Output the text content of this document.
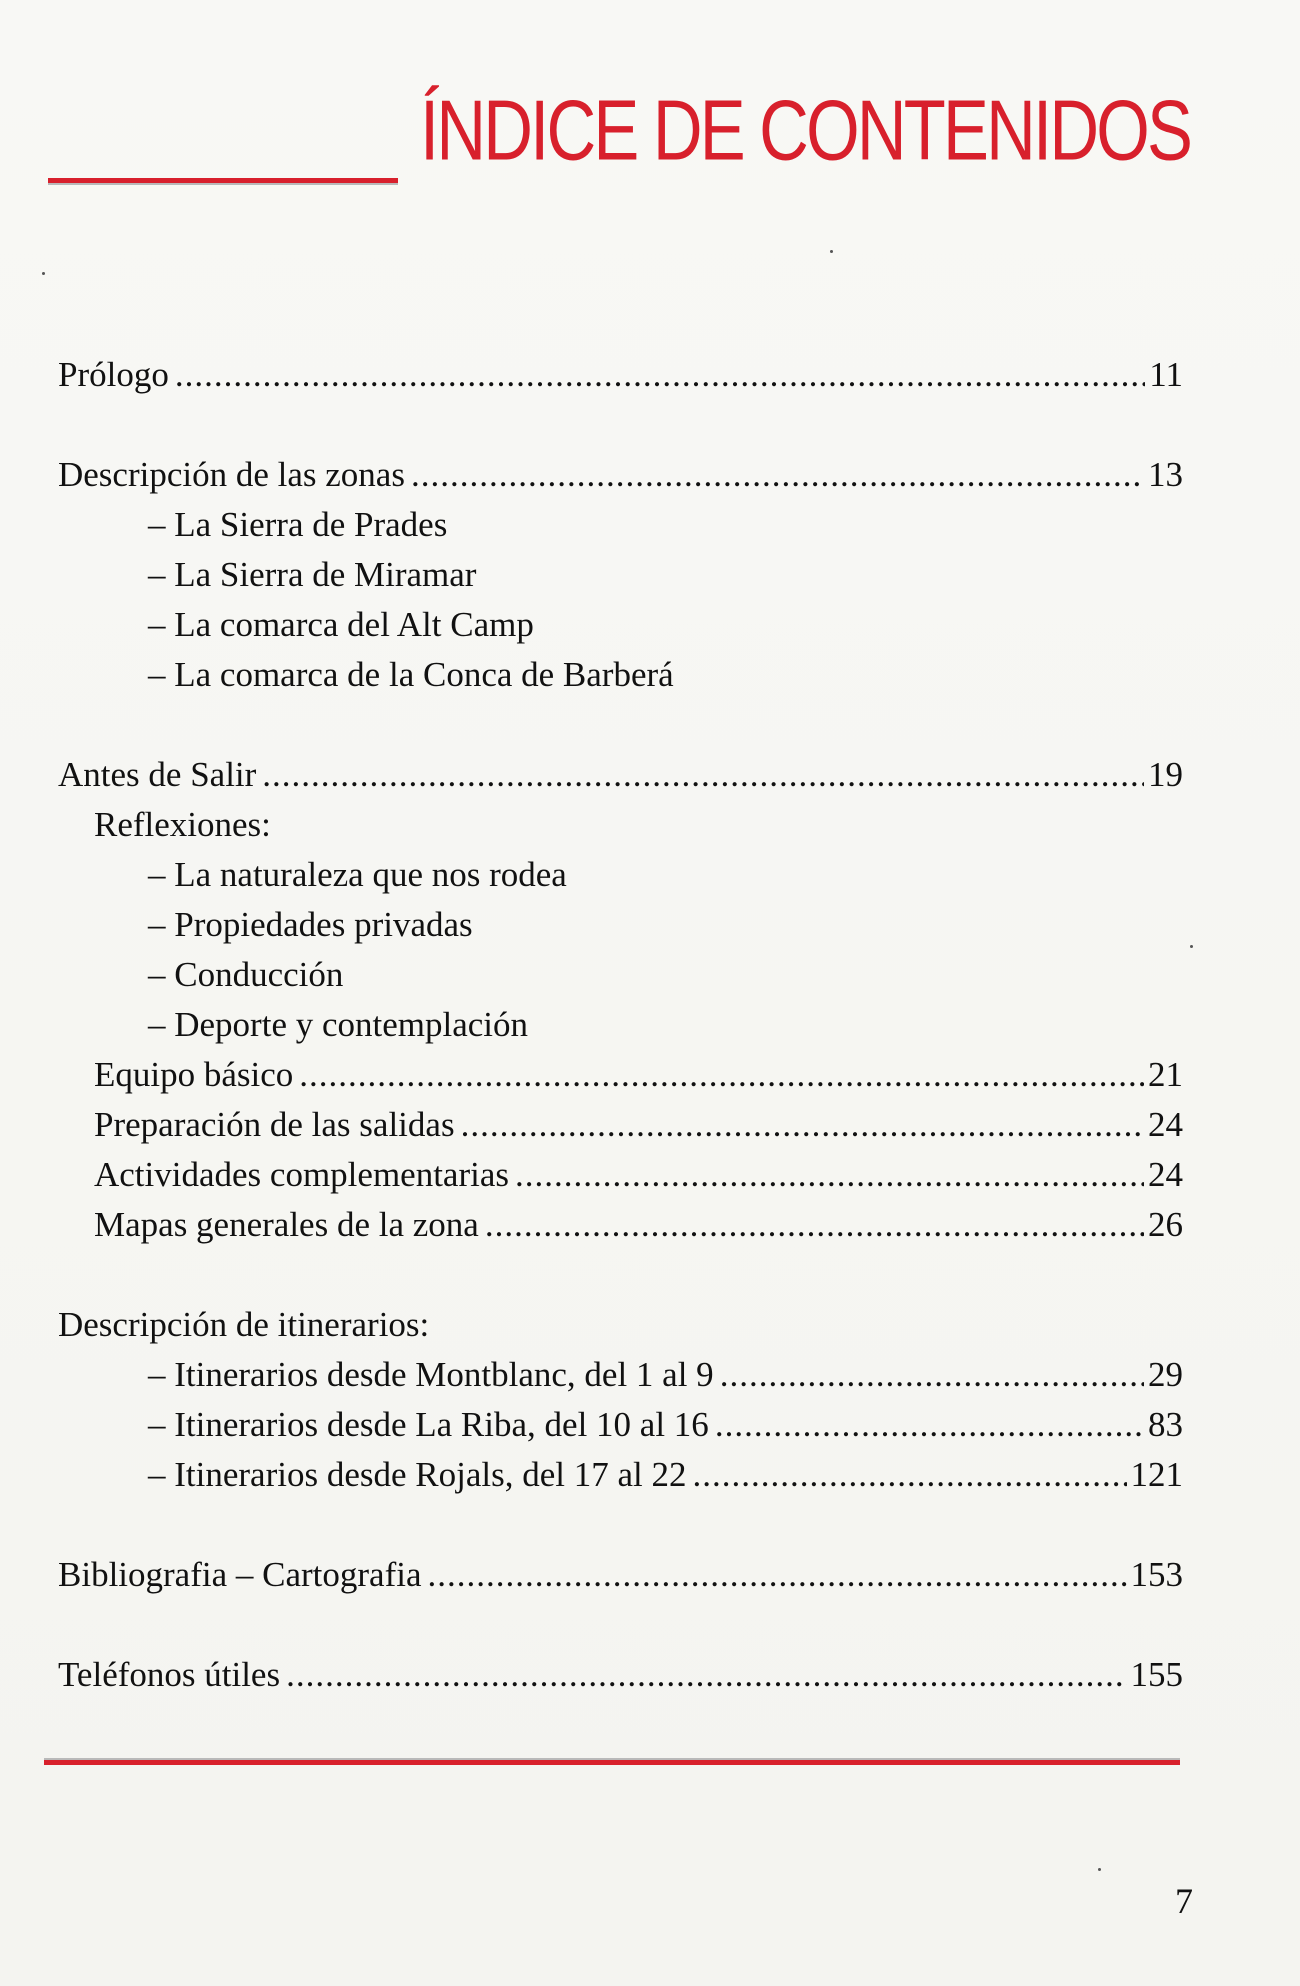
ÍNDICE DE CONTENIDOS
Prólogo .....	11
Descripción de las zonas .....	13
– La Sierra de Prades
– La Sierra de Miramar
– La comarca del Alt Camp
– La comarca de la Conca de Barberá
Antes de Salir .....	19
Reflexiones:
– La naturaleza que nos rodea
– Propiedades privadas
– Conducción
– Deporte y contemplación
Equipo básico .....	21
Preparación de las salidas .....	24
Actividades complementarias .....	24
Mapas generales de la zona .....	26
Descripción de itinerarios:
– Itinerarios desde Montblanc, del 1 al 9 .....	29
– Itinerarios desde La Riba, del 10 al 16 .....	83
– Itinerarios desde Rojals, del 17 al 22 .....	121
Bibliografia – Cartografia .....	153
Teléfonos útiles .....	155
7
